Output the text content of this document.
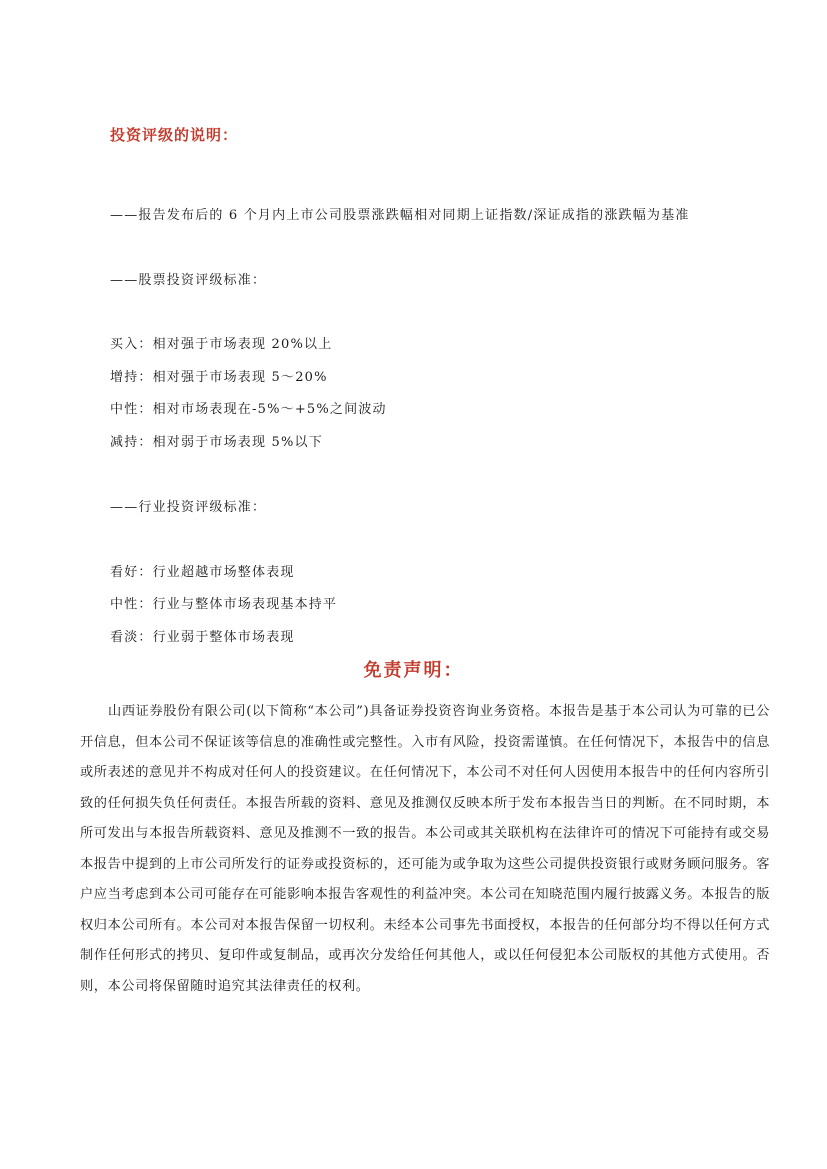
投资评级的说明：
——报告发布后的 6 个月内上市公司股票涨跌幅相对同期上证指数/深证成指的涨跌幅为基准
——股票投资评级标准：
买入：相对强于市场表现 20%以上
增持：相对强于市场表现 5～20%
中性：相对市场表现在-5%～+5%之间波动
减持：相对弱于市场表现 5%以下
——行业投资评级标准：
看好：行业超越市场整体表现
中性：行业与整体市场表现基本持平
看淡：行业弱于整体市场表现
免责声明：
山西证券股份有限公司(以下简称“本公司”)具备证券投资咨询业务资格。本报告是基于本公司认为可靠的已公开信息，但本公司不保证该等信息的准确性或完整性。入市有风险，投资需谨慎。在任何情况下，本报告中的信息或所表述的意见并不构成对任何人的投资建议。在任何情况下，本公司不对任何人因使用本报告中的任何内容所引致的任何损失负任何责任。本报告所载的资料、意见及推测仅反映本所于发布本报告当日的判断。在不同时期，本所可发出与本报告所载资料、意见及推测不一致的报告。本公司或其关联机构在法律许可的情况下可能持有或交易本报告中提到的上市公司所发行的证券或投资标的，还可能为或争取为这些公司提供投资银行或财务顾问服务。客户应当考虑到本公司可能存在可能影响本报告客观性的利益冲突。本公司在知晓范围内履行披露义务。本报告的版权归本公司所有。本公司对本报告保留一切权利。未经本公司事先书面授权，本报告的任何部分均不得以任何方式制作任何形式的拷贝、复印件或复制品，或再次分发给任何其他人，或以任何侵犯本公司版权的其他方式使用。否则，本公司将保留随时追究其法律责任的权利。
